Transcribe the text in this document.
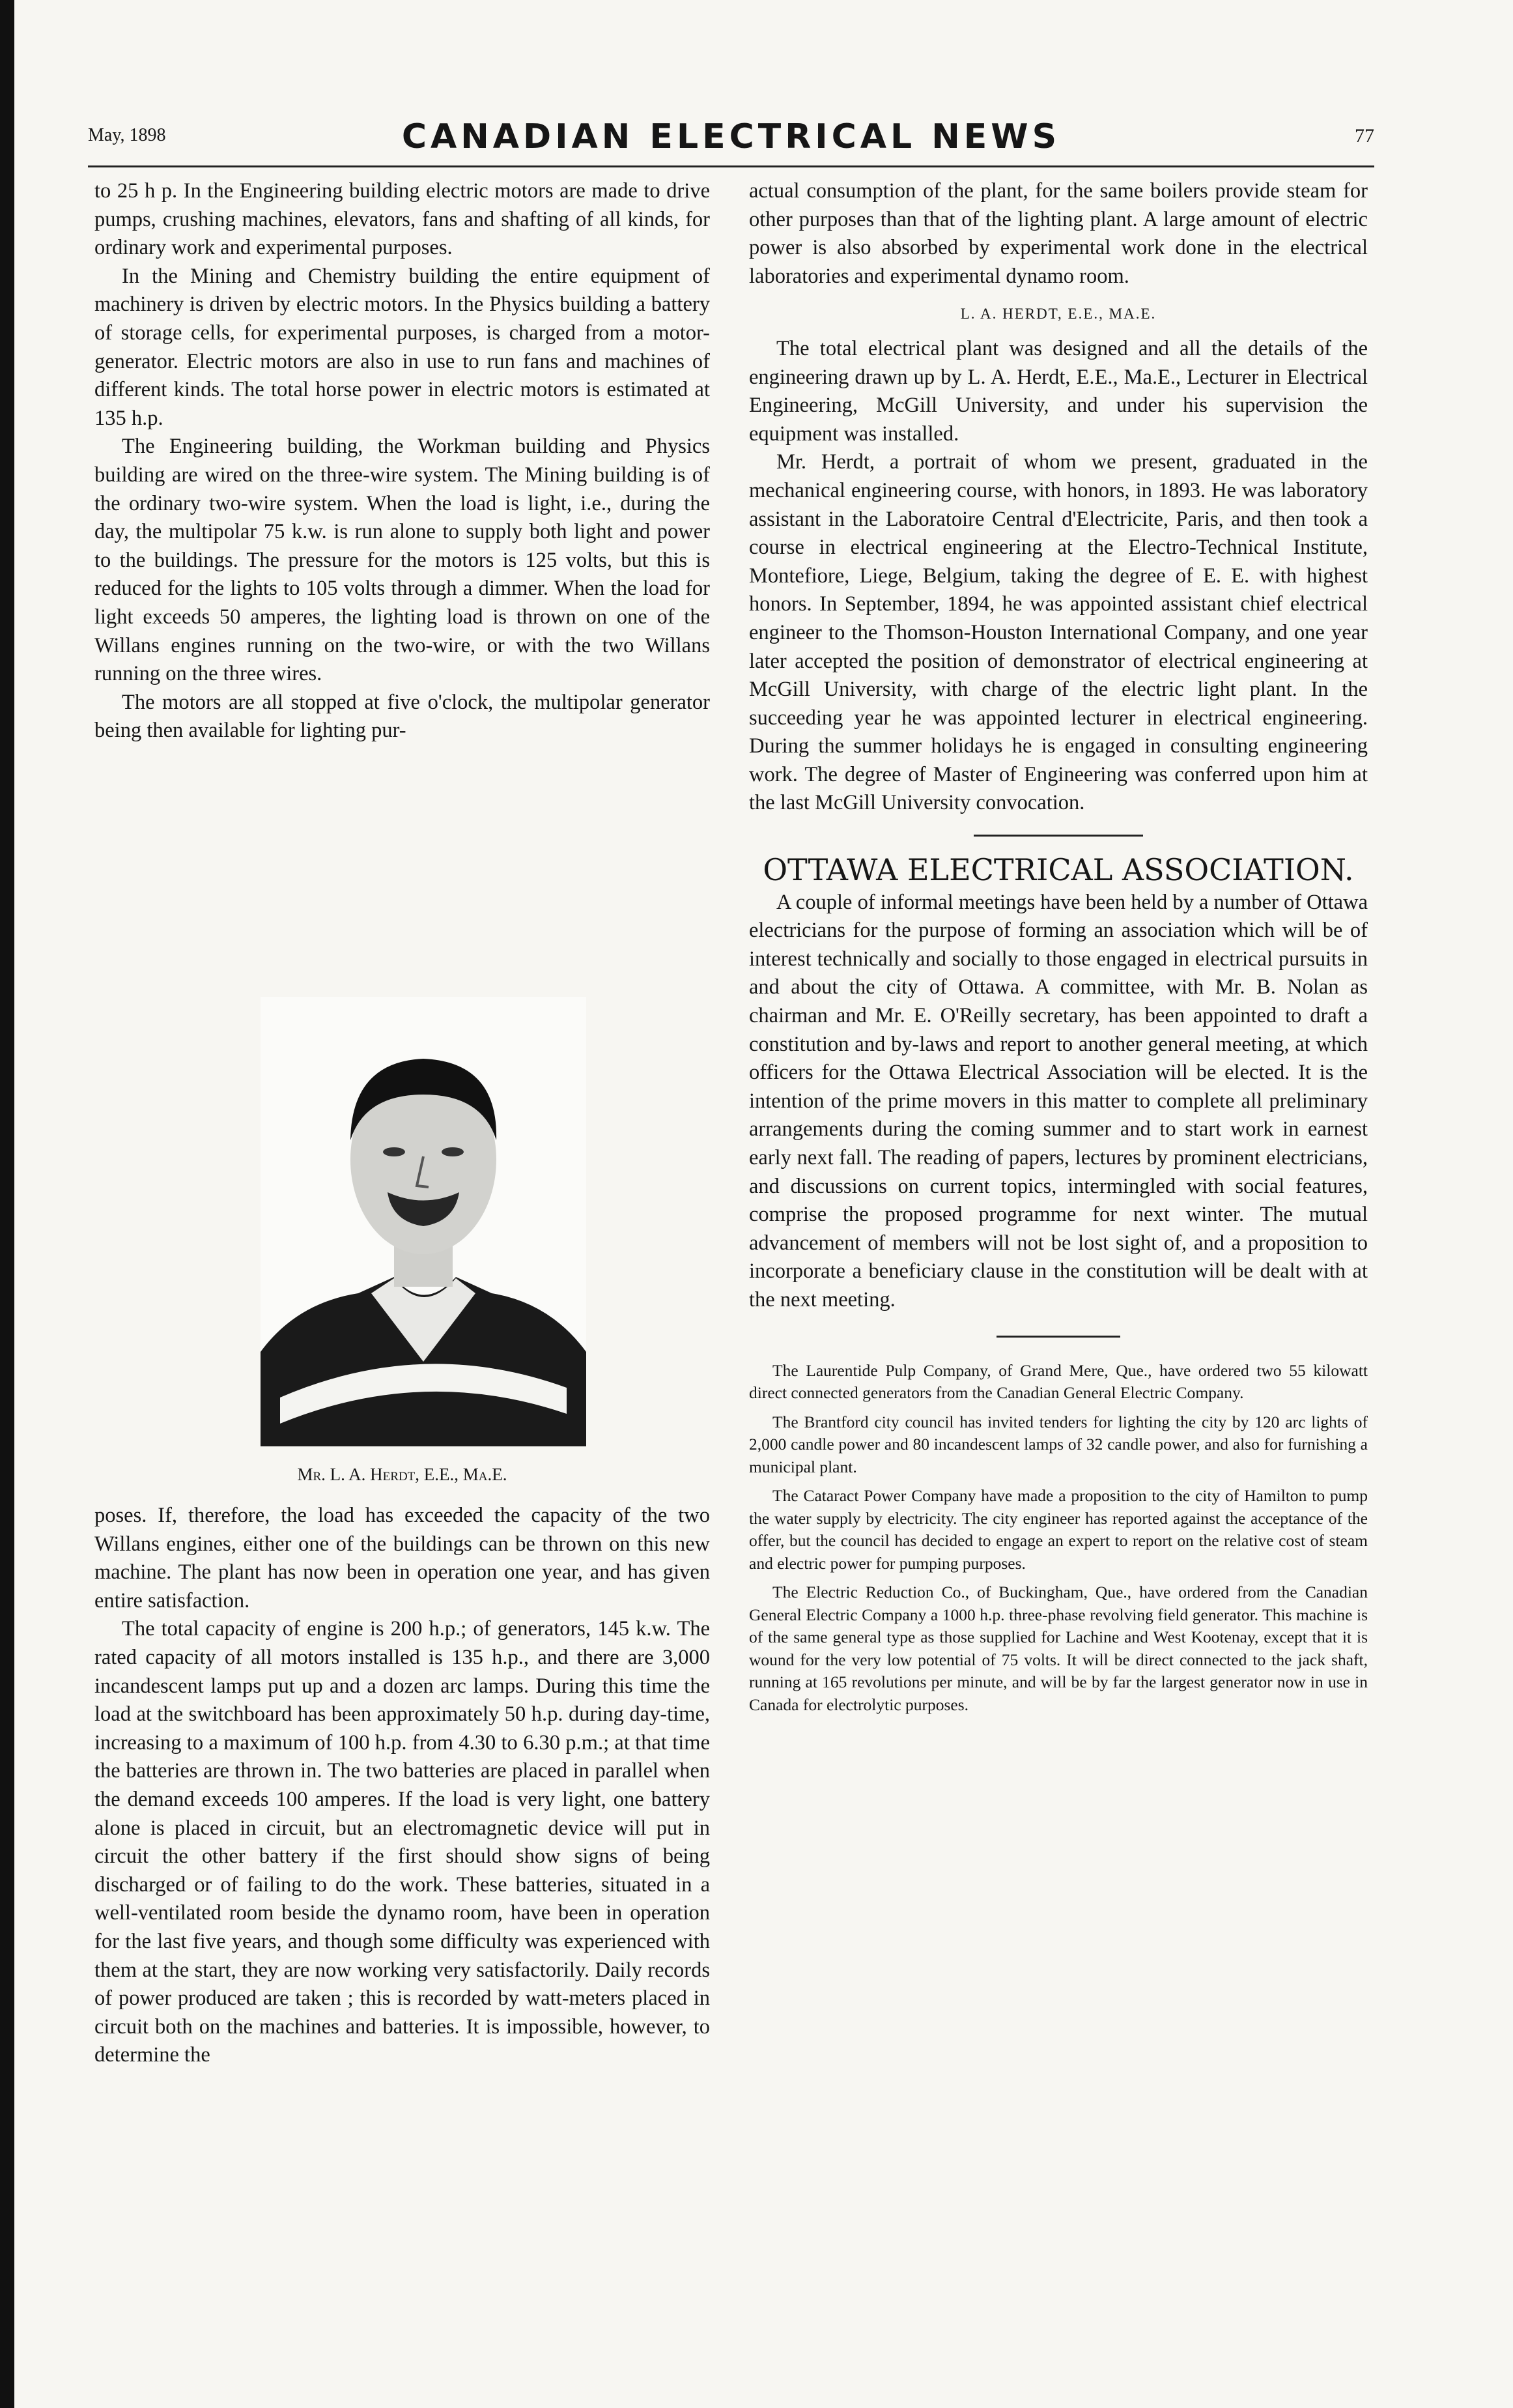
May, 1898	CANADIAN ELECTRICAL NEWS	77

to 25 h p. In the Engineering building electric motors are made to drive pumps, crushing machines, elevators, fans and shafting of all kinds, for ordinary work and experimental purposes.

In the Mining and Chemistry building the entire equipment of machinery is driven by electric motors. In the Physics building a battery of storage cells, for experimental purposes, is charged from a motor-generator. Electric motors are also in use to run fans and machines of different kinds. The total horse power in electric motors is estimated at 135 h.p.

The Engineering building, the Workman building and Physics building are wired on the three-wire system. The Mining building is of the ordinary two-wire system. When the load is light, i.e., during the day, the multipolar 75 k.w. is run alone to supply both light and power to the buildings. The pressure for the motors is 125 volts, but this is reduced for the lights to 105 volts through a dimmer. When the load for light exceeds 50 amperes, the lighting load is thrown on one of the Willans engines running on the two-wire, or with the two Willans running on the three wires.

The motors are all stopped at five o'clock, the multipolar generator being then available for lighting pur-

Mr. L. A. Herdt, E.E., Ma.E.

poses. If, therefore, the load has exceeded the capacity of the two Willans engines, either one of the buildings can be thrown on this new machine. The plant has now been in operation one year, and has given entire satisfaction.

The total capacity of engine is 200 h.p.; of generators, 145 k.w. The rated capacity of all motors installed is 135 h.p., and there are 3,000 incandescent lamps put up and a dozen arc lamps. During this time the load at the switchboard has been approximately 50 h.p. during day-time, increasing to a maximum of 100 h.p. from 4.30 to 6.30 p.m.; at that time the batteries are thrown in. The two batteries are placed in parallel when the demand exceeds 100 amperes. If the load is very light, one battery alone is placed in circuit, but an electromagnetic device will put in circuit the other battery if the first should show signs of being discharged or of failing to do the work. These batteries, situated in a well-ventilated room beside the dynamo room, have been in operation for the last five years, and though some difficulty was experienced with them at the start, they are now working very satisfactorily. Daily records of power produced are taken ; this is recorded by watt-meters placed in circuit both on the machines and batteries. It is impossible, however, to determine the

actual consumption of the plant, for the same boilers provide steam for other purposes than that of the lighting plant. A large amount of electric power is also absorbed by experimental work done in the electrical laboratories and experimental dynamo room.

L. A. HERDT, E.E., MA.E.

The total electrical plant was designed and all the details of the engineering drawn up by L. A. Herdt, E.E., Ma.E., Lecturer in Electrical Engineering, McGill University, and under his supervision the equipment was installed.

Mr. Herdt, a portrait of whom we present, graduated in the mechanical engineering course, with honors, in 1893. He was laboratory assistant in the Laboratoire Central d'Electricite, Paris, and then took a course in electrical engineering at the Electro-Technical Institute, Montefiore, Liege, Belgium, taking the degree of E. E. with highest honors. In September, 1894, he was appointed assistant chief electrical engineer to the Thomson-Houston International Company, and one year later accepted the position of demonstrator of electrical engineering at McGill University, with charge of the electric light plant. In the succeeding year he was appointed lecturer in electrical engineering. During the summer holidays he is engaged in consulting engineering work. The degree of Master of Engineering was conferred upon him at the last McGill University convocation.

OTTAWA ELECTRICAL ASSOCIATION.

A couple of informal meetings have been held by a number of Ottawa electricians for the purpose of forming an association which will be of interest technically and socially to those engaged in electrical pursuits in and about the city of Ottawa. A committee, with Mr. B. Nolan as chairman and Mr. E. O'Reilly secretary, has been appointed to draft a constitution and by-laws and report to another general meeting, at which officers for the Ottawa Electrical Association will be elected. It is the intention of the prime movers in this matter to complete all preliminary arrangements during the coming summer and to start work in earnest early next fall. The reading of papers, lectures by prominent electricians, and discussions on current topics, intermingled with social features, comprise the proposed programme for next winter. The mutual advancement of members will not be lost sight of, and a proposition to incorporate a beneficiary clause in the constitution will be dealt with at the next meeting.

The Laurentide Pulp Company, of Grand Mere, Que., have ordered two 55 kilowatt direct connected generators from the Canadian General Electric Company.

The Brantford city council has invited tenders for lighting the city by 120 arc lights of 2,000 candle power and 80 incandescent lamps of 32 candle power, and also for furnishing a municipal plant.

The Cataract Power Company have made a proposition to the city of Hamilton to pump the water supply by electricity. The city engineer has reported against the acceptance of the offer, but the council has decided to engage an expert to report on the relative cost of steam and electric power for pumping purposes.

The Electric Reduction Co., of Buckingham, Que., have ordered from the Canadian General Electric Company a 1000 h.p. three-phase revolving field generator. This machine is of the same general type as those supplied for Lachine and West Kootenay, except that it is wound for the very low potential of 75 volts. It will be direct connected to the jack shaft, running at 165 revolutions per minute, and will be by far the largest generator now in use in Canada for electrolytic purposes.
